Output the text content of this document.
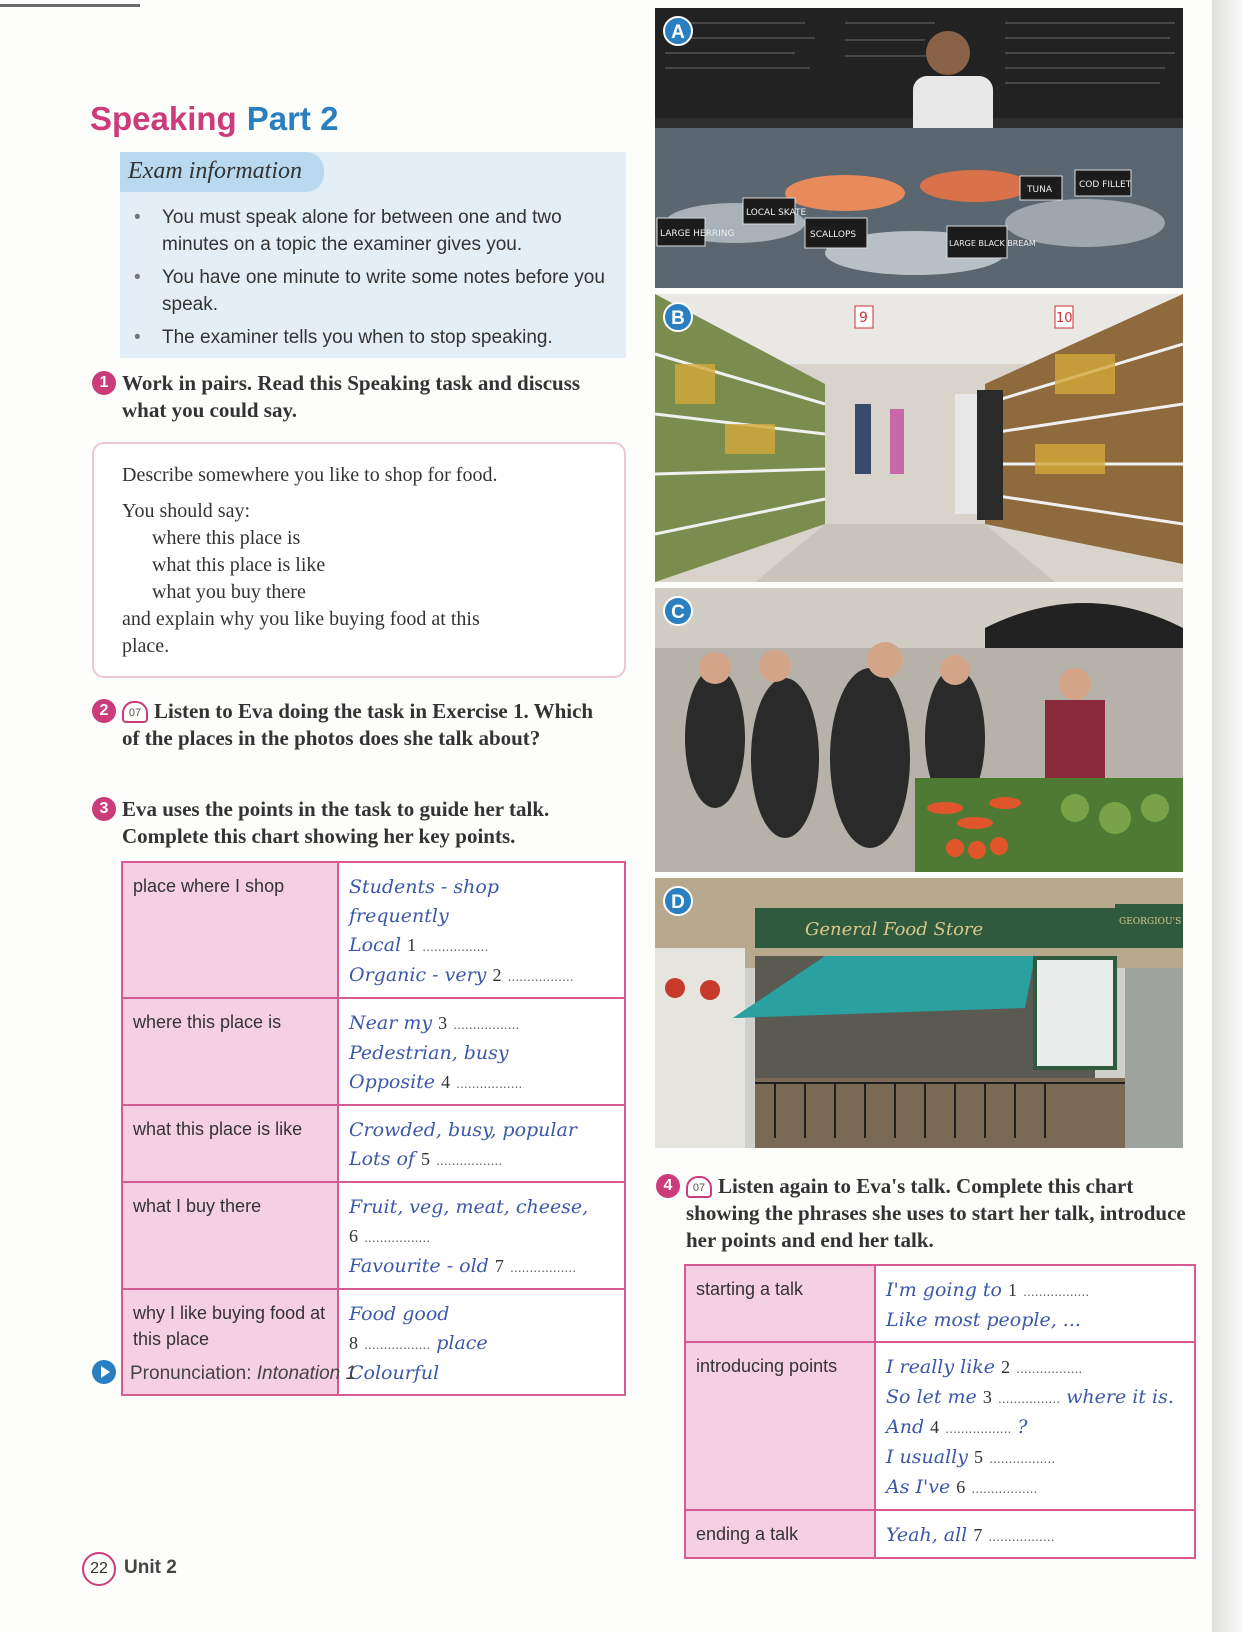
Speaking Part 2
Exam information
• You must speak alone for between one and two minutes on a topic the examiner gives you.
• You have one minute to write some notes before you speak.
• The examiner tells you when to stop speaking.
1 Work in pairs. Read this Speaking task and discuss what you could say.
Describe somewhere you like to shop for food.
You should say:
where this place is
what this place is like
what you buy there
and explain why you like buying food at this
place.
2	07 Listen to Eva doing the task in Exercise 1. Which of the places in the photos does she talk about?
3 Eva uses the points in the task to guide her talk. Complete this chart showing her key points.
place where I shop	Students - shop
frequently
Local 1 .................
Organic - very 2 .................

where this place is	Near my 3 .................
Pedestrian, busy
Opposite 4 .................

what this place is like	Crowded, busy, popular
Lots of 5 .................

what I buy there	Fruit, veg, meat, cheese,
6 .................
Favourite - old 7 .................

why I like buying food at this place	Food good
8 ................. place
Colourful
Pronunciation: Intonation 1
22 Unit 2
A
LARGE HERRING
LOCAL SKATE
SCALLOPS
LARGE BLACK BREAM
TUNA	COD FILLET
B	9	10
C
D
General Food Store	GEORGIOU'S
4	07 Listen again to Eva's talk. Complete this chart showing the phrases she uses to start her talk, introduce her points and end her talk.
starting a talk	I'm going to 1 .................
Like most people, ...

introducing points	I really like 2 .................
So let me 3 ................ where it is.
And 4 ................. ?
I usually 5 .................
As I've 6 .................

ending a talk	Yeah, all 7 .................
